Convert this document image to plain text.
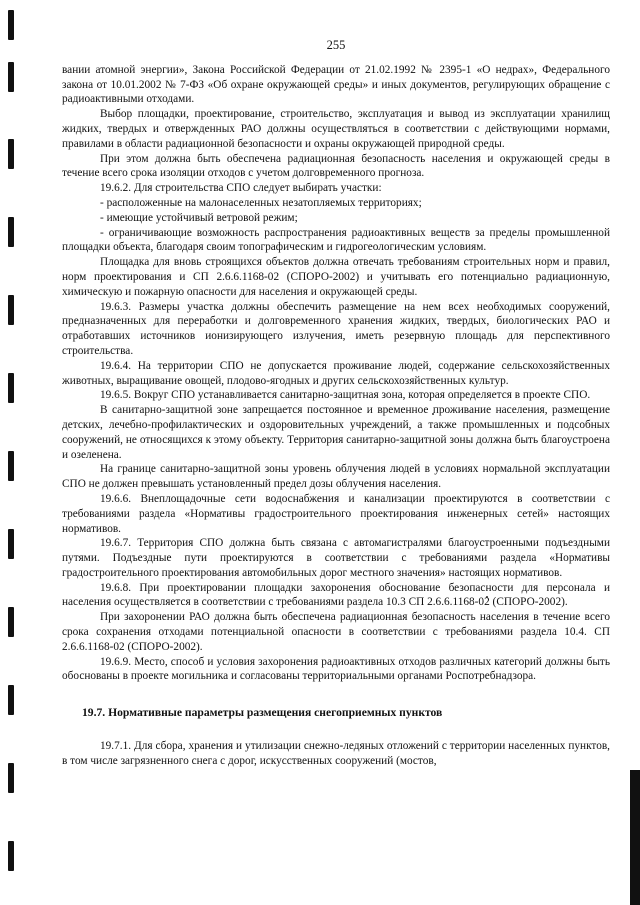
255

вании атомной энергии», Закона Российской Федерации от 21.02.1992 № 2395-1 «О недрах», Федерального закона от 10.01.2002 № 7-ФЗ «Об охране окружающей среды» и иных документов, регулирующих обращение с радиоактивными отходами.

Выбор площадки, проектирование, строительство, эксплуатация и вывод из эксплуатации хранилищ жидких, твердых и отвержденных РАО должны осуществляться в соответствии с действующими нормами, правилами в области радиационной безопасности и охраны окружающей природной среды.

При этом должна быть обеспечена радиационная безопасность населения и окружающей среды в течение всего срока изоляции отходов с учетом долговременного прогноза.

19.6.2. Для строительства СПО следует выбирать участки:

- расположенные на малонаселенных незатопляемых территориях;

- имеющие устойчивый ветровой режим;

- ограничивающие возможность распространения радиоактивных веществ за пределы промышленной площадки объекта, благодаря своим топографическим и гидрогеологическим условиям.

Площадка для вновь строящихся объектов должна отвечать требованиям строительных норм и правил, норм проектирования и СП 2.6.6.1168-02 (СПОРО-2002) и учитывать его потенциально радиационную, химическую и пожарную опасности для населения и окружающей среды.

19.6.3. Размеры участка должны обеспечить размещение на нем всех необходимых сооружений, предназначенных для переработки и долговременного хранения жидких, твердых, биологических РАО и отработавших источников ионизирующего излучения, иметь резервную площадь для перспективного строительства.

19.6.4. На территории СПО не допускается проживание людей, содержание сельскохозяйственных животных, выращивание овощей, плодово-ягодных и других сельскохозяйственных культур.

19.6.5. Вокруг СПО устанавливается санитарно-защитная зона, которая определяется в проекте СПО.

В санитарно-защитной зоне запрещается постоянное и временное проживание населения, размещение детских, лечебно-профилактических и оздоровительных учреждений, а также промышленных и подсобных сооружений, не относящихся к этому объекту. Территория санитарно-защитной зоны должна быть благоустроена и озеленена.

На границе санитарно-защитной зоны уровень облучения людей в условиях нормальной эксплуатации СПО не должен превышать установленный предел дозы облучения населения.

19.6.6. Внеплощадочные сети водоснабжения и канализации проектируются в соответствии с требованиями раздела «Нормативы градостроительного проектирования инженерных сетей» настоящих нормативов.

19.6.7. Территория СПО должна быть связана с автомагистралями благоустроенными подъездными путями. Подъездные пути проектируются в соответствии с требованиями раздела «Нормативы градостроительного проектирования автомобильных дорог местного значения» настоящих нормативов.

19.6.8. При проектировании площадки захоронения обоснование безопасности для персонала и населения осуществляется в соответствии с требованиями раздела 10.3 СП 2.6.6.1168-02 (СПОРО-2002).

При захоронении РАО должна быть обеспечена радиационная безопасность населения в течение всего срока сохранения отходами потенциальной опасности в соответствии с требованиями раздела 10.4. СП 2.6.6.1168-02 (СПОРО-2002).

19.6.9. Место, способ и условия захоронения радиоактивных отходов различных категорий должны быть обоснованы в проекте могильника и согласованы территориальными органами Роспотребнадзора.

19.7. Нормативные параметры размещения снегоприемных пунктов

19.7.1. Для сбора, хранения и утилизации снежно-ледяных отложений с территории населенных пунктов, в том числе загрязненного снега с дорог, искусственных сооружений (мостов,
